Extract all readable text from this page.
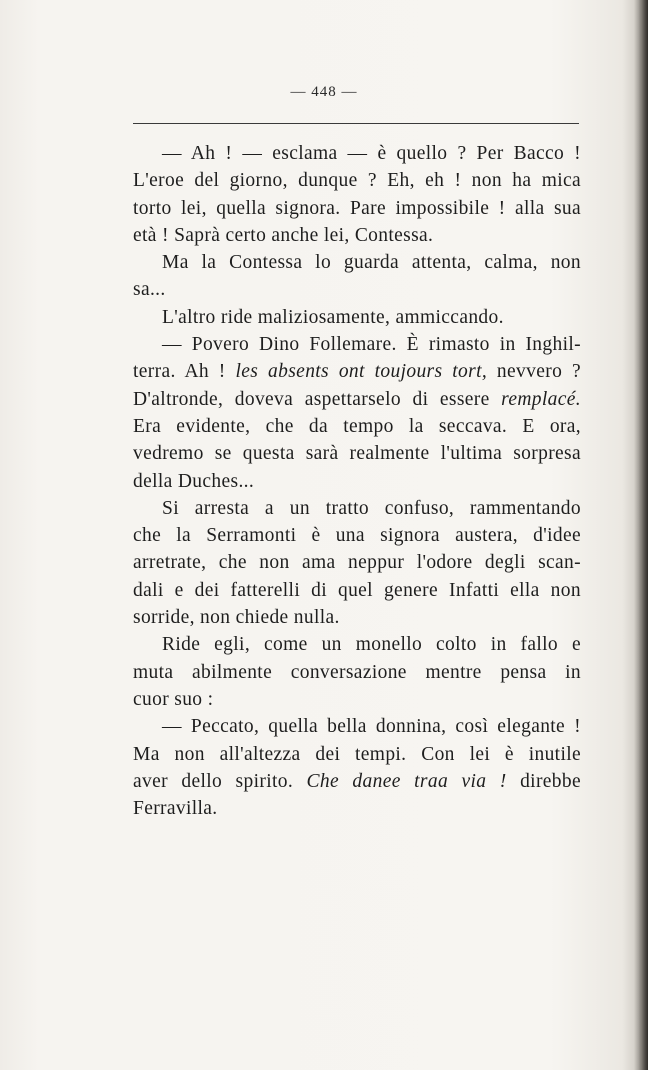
— 448 —
— Ah ! — esclama — è quello ? Per Bacco !
L'eroe del giorno, dunque ? Eh, eh ! non ha mica
torto lei, quella signora. Pare impossibile ! alla sua
età ! Saprà certo anche lei, Contessa.
Ma la Contessa lo guarda attenta, calma, non
sa...
L'altro ride maliziosamente, ammiccando.
— Povero Dino Follemare. È rimasto in Inghil-
terra. Ah ! les absents ont toujours tort, nevvero ?
D'altronde, doveva aspettarselo di essere remplacé.
Era evidente, che da tempo la seccava. E ora,
vedremo se questa sarà realmente l'ultima sorpresa
della Duches...
Si arresta a un tratto confuso, rammentando
che la Serramonti è una signora austera, d'idee
arretrate, che non ama neppur l'odore degli scan-
dali e dei fatterelli di quel genere Infatti ella non
sorride, non chiede nulla.
Ride egli, come un monello colto in fallo e
muta abilmente conversazione mentre pensa in
cuor suo :
— Peccato, quella bella donnina, così elegante !
Ma non all'altezza dei tempi. Con lei è inutile
aver dello spirito. Che danee traa via ! direbbe
Ferravilla.
